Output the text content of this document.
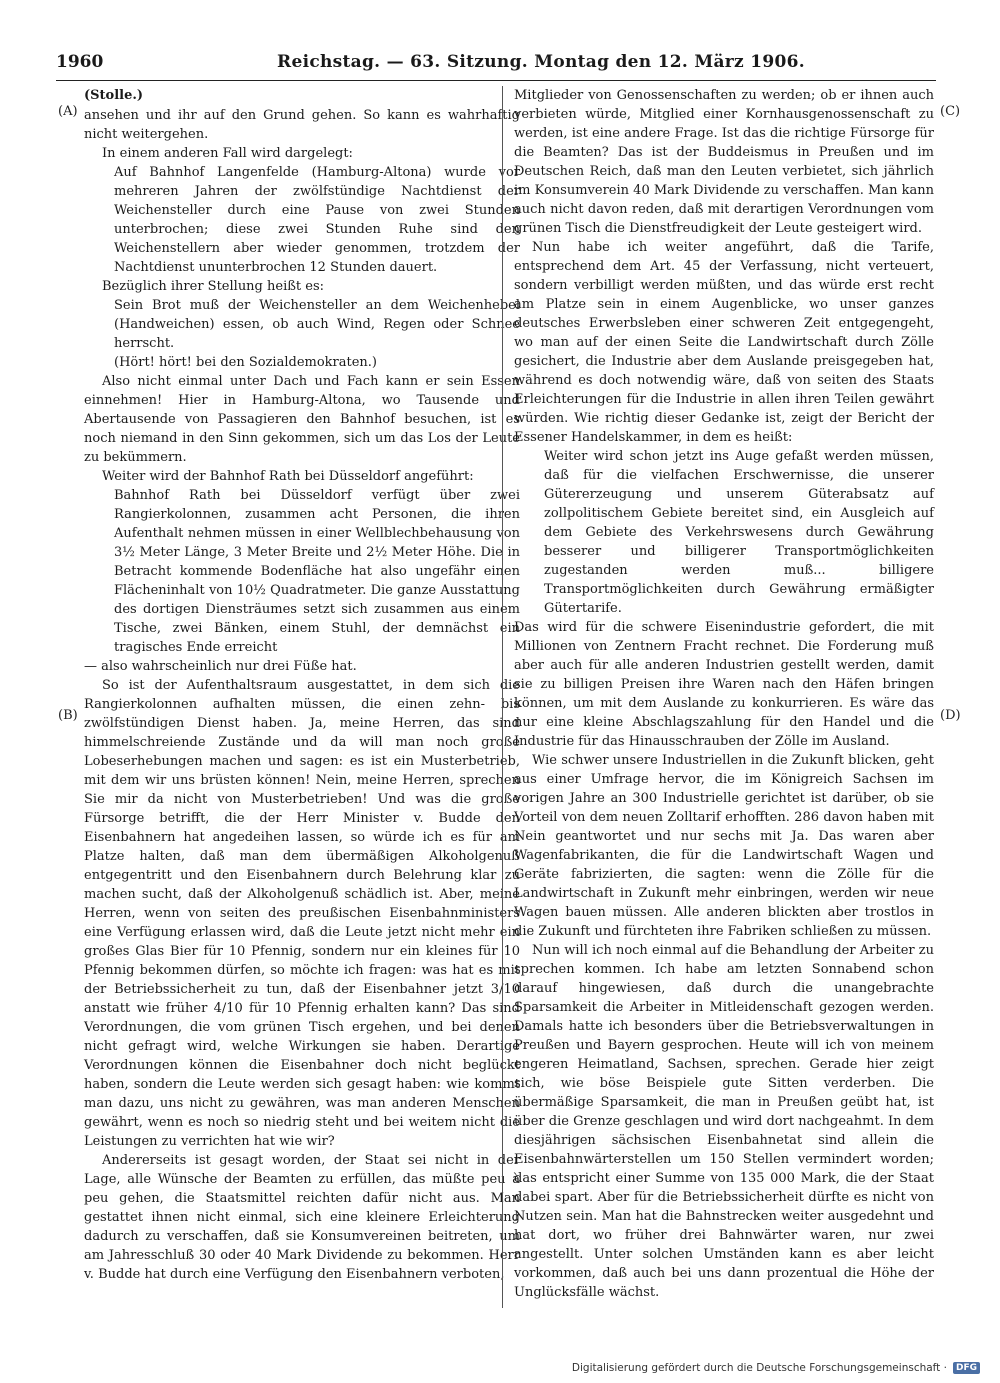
1960	Reichstag. — 63. Sitzung. Montag den 12. März 1906.
(A)
(B)
(C)
(D)

(Stolle.)

ansehen und ihr auf den Grund gehen. So kann es wahrhaftig nicht weitergehen.

In einem anderen Fall wird dargelegt:

Auf Bahnhof Langenfelde (Hamburg-Altona) wurde vor mehreren Jahren der zwölfstündige Nachtdienst der Weichensteller durch eine Pause von zwei Stunden unterbrochen; diese zwei Stunden Ruhe sind den Weichenstellern aber wieder genommen, trotzdem der Nachtdienst ununterbrochen 12 Stunden dauert.

Bezüglich ihrer Stellung heißt es:

Sein Brot muß der Weichensteller an dem Weichenhebel (Handweichen) essen, ob auch Wind, Regen oder Schnee herrscht.

(Hört! hört! bei den Sozialdemokraten.)

Also nicht einmal unter Dach und Fach kann er sein Essen einnehmen! Hier in Hamburg-Altona, wo Tausende und Abertausende von Passagieren den Bahnhof besuchen, ist es noch niemand in den Sinn gekommen, sich um das Los der Leute zu bekümmern.

Weiter wird der Bahnhof Rath bei Düsseldorf angeführt:

Bahnhof Rath bei Düsseldorf verfügt über zwei Rangierkolonnen, zusammen acht Personen, die ihren Aufenthalt nehmen müssen in einer Wellblechbehausung von 3½ Meter Länge, 3 Meter Breite und 2½ Meter Höhe. Die in Betracht kommende Bodenfläche hat also ungefähr einen Flächeninhalt von 10½ Quadratmeter. Die ganze Ausstattung des dortigen Diensträumes setzt sich zusammen aus einem Tische, zwei Bänken, einem Stuhl, der demnächst ein tragisches Ende erreicht

— also wahrscheinlich nur drei Füße hat.

So ist der Aufenthaltsraum ausgestattet, in dem sich die Rangierkolonnen aufhalten müssen, die einen zehn- bis zwölfstündigen Dienst haben. Ja, meine Herren, das sind himmelschreiende Zustände und da will man noch große Lobeserhebungen machen und sagen: es ist ein Musterbetrieb, mit dem wir uns brüsten können! Nein, meine Herren, sprechen Sie mir da nicht von Musterbetrieben! Und was die große Fürsorge betrifft, die der Herr Minister v. Budde den Eisenbahnern hat angedeihen lassen, so würde ich es für am Platze halten, daß man dem übermäßigen Alkoholgenuß entgegentritt und den Eisenbahnern durch Belehrung klar zu machen sucht, daß der Alkoholgenuß schädlich ist. Aber, meine Herren, wenn von seiten des preußischen Eisenbahnministers eine Verfügung erlassen wird, daß die Leute jetzt nicht mehr ein großes Glas Bier für 10 Pfennig, sondern nur ein kleines für 10 Pfennig bekommen dürfen, so möchte ich fragen: was hat es mit der Betriebssicherheit zu tun, daß der Eisenbahner jetzt 3/10 anstatt wie früher 4/10 für 10 Pfennig erhalten kann? Das sind Verordnungen, die vom grünen Tisch ergehen, und bei denen nicht gefragt wird, welche Wirkungen sie haben. Derartige Verordnungen können die Eisenbahner doch nicht beglückt haben, sondern die Leute werden sich gesagt haben: wie kommt man dazu, uns nicht zu gewähren, was man anderen Menschen gewährt, wenn es noch so niedrig steht und bei weitem nicht die Leistungen zu verrichten hat wie wir?

Andererseits ist gesagt worden, der Staat sei nicht in der Lage, alle Wünsche der Beamten zu erfüllen, das müßte peu à peu gehen, die Staatsmittel reichten dafür nicht aus. Man gestattet ihnen nicht einmal, sich eine kleinere Erleichterung dadurch zu verschaffen, daß sie Konsumvereinen beitreten, um am Jahresschluß 30 oder 40 Mark Dividende zu bekommen. Herr v. Budde hat durch eine Verfügung den Eisenbahnern verboten,

Mitglieder von Genossenschaften zu werden; ob er ihnen auch verbieten würde, Mitglied einer Kornhausgenossenschaft zu werden, ist eine andere Frage. Ist das die richtige Fürsorge für die Beamten? Das ist der Buddeismus in Preußen und im Deutschen Reich, daß man den Leuten verbietet, sich jährlich im Konsumverein 40 Mark Dividende zu verschaffen. Man kann auch nicht davon reden, daß mit derartigen Verordnungen vom grünen Tisch die Dienstfreudigkeit der Leute gesteigert wird.

Nun habe ich weiter angeführt, daß die Tarife, entsprechend dem Art. 45 der Verfassung, nicht verteuert, sondern verbilligt werden müßten, und das würde erst recht am Platze sein in einem Augenblicke, wo unser ganzes deutsches Erwerbsleben einer schweren Zeit entgegengeht, wo man auf der einen Seite die Landwirtschaft durch Zölle gesichert, die Industrie aber dem Auslande preisgegeben hat, während es doch notwendig wäre, daß von seiten des Staats Erleichterungen für die Industrie in allen ihren Teilen gewährt würden. Wie richtig dieser Gedanke ist, zeigt der Bericht der Essener Handelskammer, in dem es heißt:

Weiter wird schon jetzt ins Auge gefaßt werden müssen, daß für die vielfachen Erschwernisse, die unserer Gütererzeugung und unserem Güterabsatz auf zollpolitischem Gebiete bereitet sind, ein Ausgleich auf dem Gebiete des Verkehrswesens durch Gewährung besserer und billigerer Transportmöglichkeiten zugestanden werden muß... billigere Transportmöglichkeiten durch Gewährung ermäßigter Gütertarife.

Das wird für die schwere Eisenindustrie gefordert, die mit Millionen von Zentnern Fracht rechnet. Die Forderung muß aber auch für alle anderen Industrien gestellt werden, damit sie zu billigen Preisen ihre Waren nach den Häfen bringen können, um mit dem Auslande zu konkurrieren. Es wäre das nur eine kleine Abschlagszahlung für den Handel und die Industrie für das Hinausschrauben der Zölle im Ausland.

Wie schwer unsere Industriellen in die Zukunft blicken, geht aus einer Umfrage hervor, die im Königreich Sachsen im vorigen Jahre an 300 Industrielle gerichtet ist darüber, ob sie Vorteil von dem neuen Zolltarif erhofften. 286 davon haben mit Nein geantwortet und nur sechs mit Ja. Das waren aber Wagenfabrikanten, die für die Landwirtschaft Wagen und Geräte fabrizierten, die sagten: wenn die Zölle für die Landwirtschaft in Zukunft mehr einbringen, werden wir neue Wagen bauen müssen. Alle anderen blickten aber trostlos in die Zukunft und fürchteten ihre Fabriken schließen zu müssen.

Nun will ich noch einmal auf die Behandlung der Arbeiter zu sprechen kommen. Ich habe am letzten Sonnabend schon darauf hingewiesen, daß durch die unangebrachte Sparsamkeit die Arbeiter in Mitleidenschaft gezogen werden. Damals hatte ich besonders über die Betriebsverwaltungen in Preußen und Bayern gesprochen. Heute will ich von meinem engeren Heimatland, Sachsen, sprechen. Gerade hier zeigt sich, wie böse Beispiele gute Sitten verderben. Die übermäßige Sparsamkeit, die man in Preußen geübt hat, ist über die Grenze geschlagen und wird dort nachgeahmt. In dem diesjährigen sächsischen Eisenbahnetat sind allein die Eisenbahnwärterstellen um 150 Stellen vermindert worden; das entspricht einer Summe von 135 000 Mark, die der Staat dabei spart. Aber für die Betriebssicherheit dürfte es nicht von Nutzen sein. Man hat die Bahnstrecken weiter ausgedehnt und hat dort, wo früher drei Bahnwärter waren, nur zwei angestellt. Unter solchen Umständen kann es aber leicht vorkommen, daß auch bei uns dann prozentual die Höhe der Unglücksfälle wächst.

Digitalisierung gefördert durch die Deutsche Forschungsgemeinschaft ·	DFG
